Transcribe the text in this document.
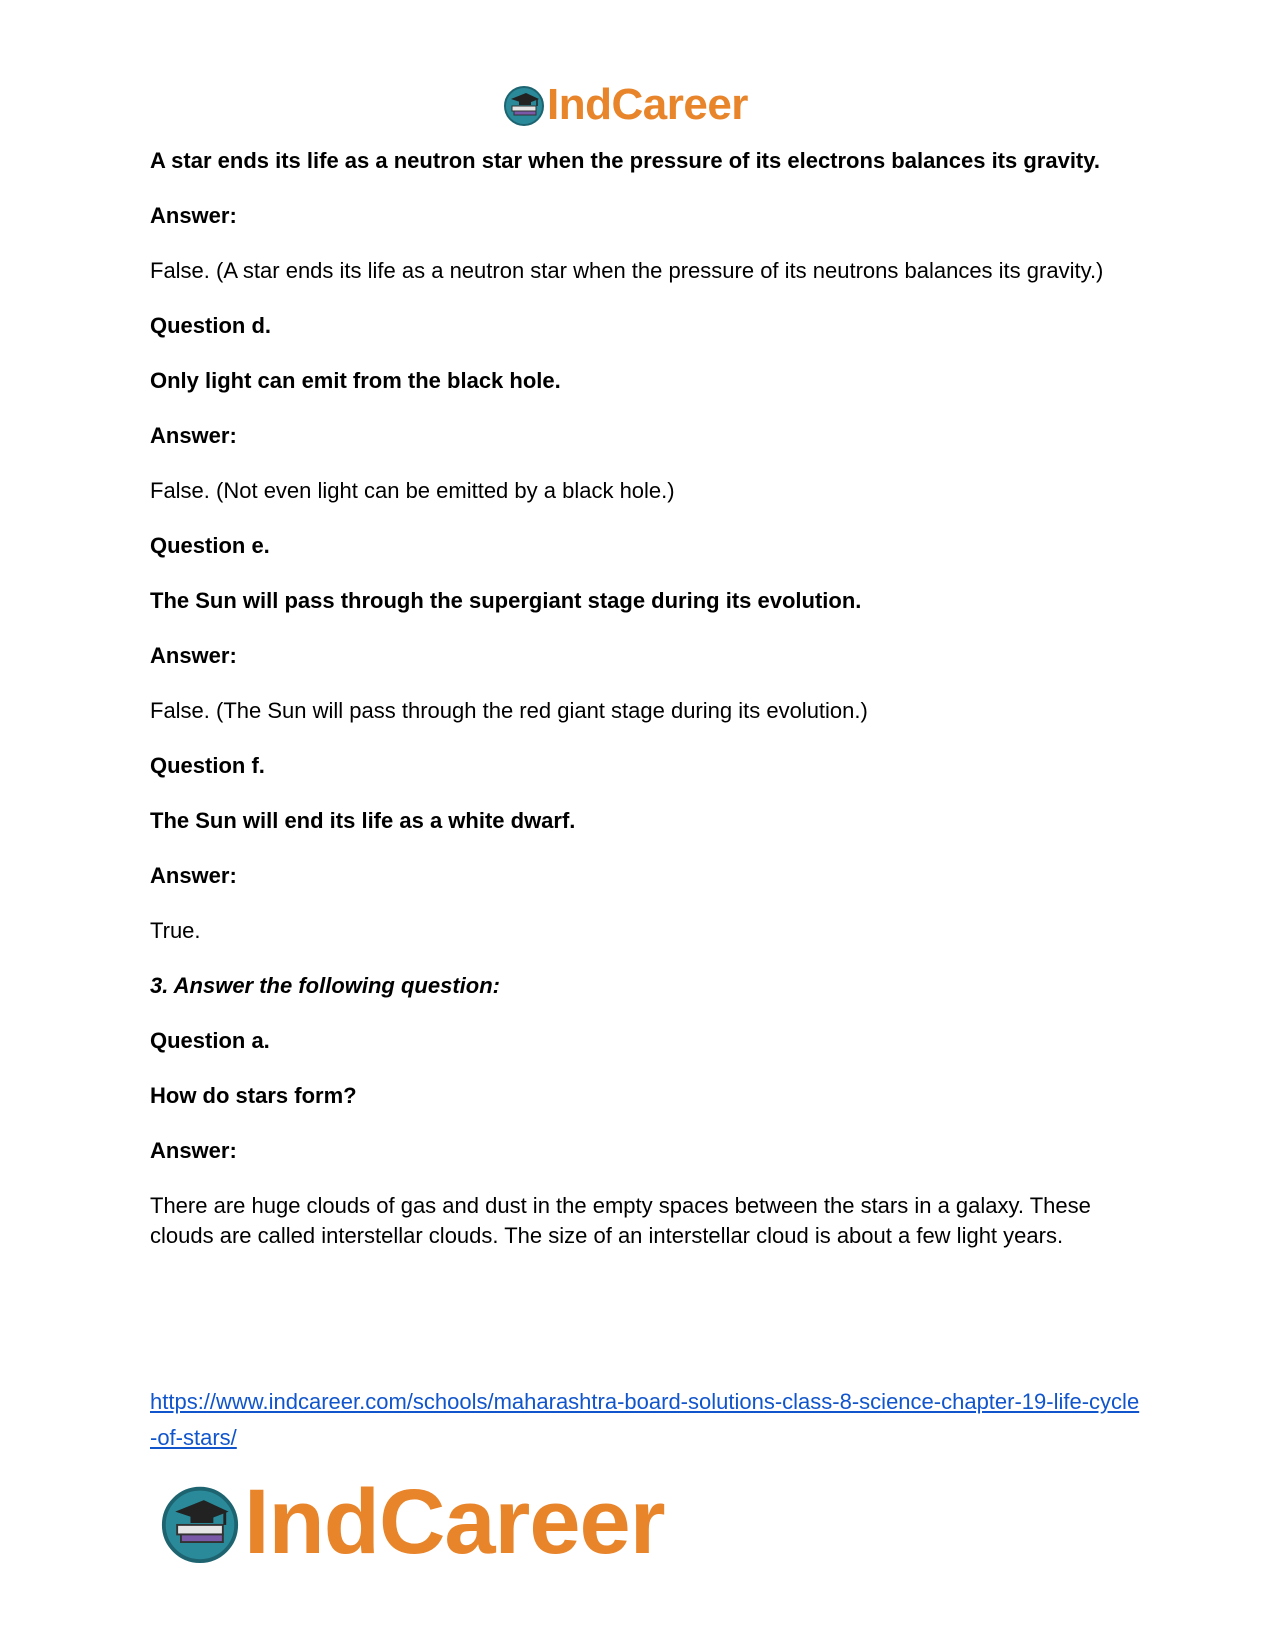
IndCareer

A star ends its life as a neutron star when the pressure of its electrons balances its gravity.

Answer:

False. (A star ends its life as a neutron star when the pressure of its neutrons balances its gravity.)

Question d.

Only light can emit from the black hole.

Answer:

False. (Not even light can be emitted by a black hole.)

Question e.

The Sun will pass through the supergiant stage during its evolution.

Answer:

False. (The Sun will pass through the red giant stage during its evolution.)

Question f.

The Sun will end its life as a white dwarf.

Answer:

True.

3. Answer the following question:

Question a.

How do stars form?

Answer:

There are huge clouds of gas and dust in the empty spaces between the stars in a galaxy. These clouds are called interstellar clouds. The size of an interstellar cloud is about a few light years.

https://www.indcareer.com/schools/maharashtra-board-solutions-class-8-science-chapter-19-life-cycle-of-stars/
IndCareer
